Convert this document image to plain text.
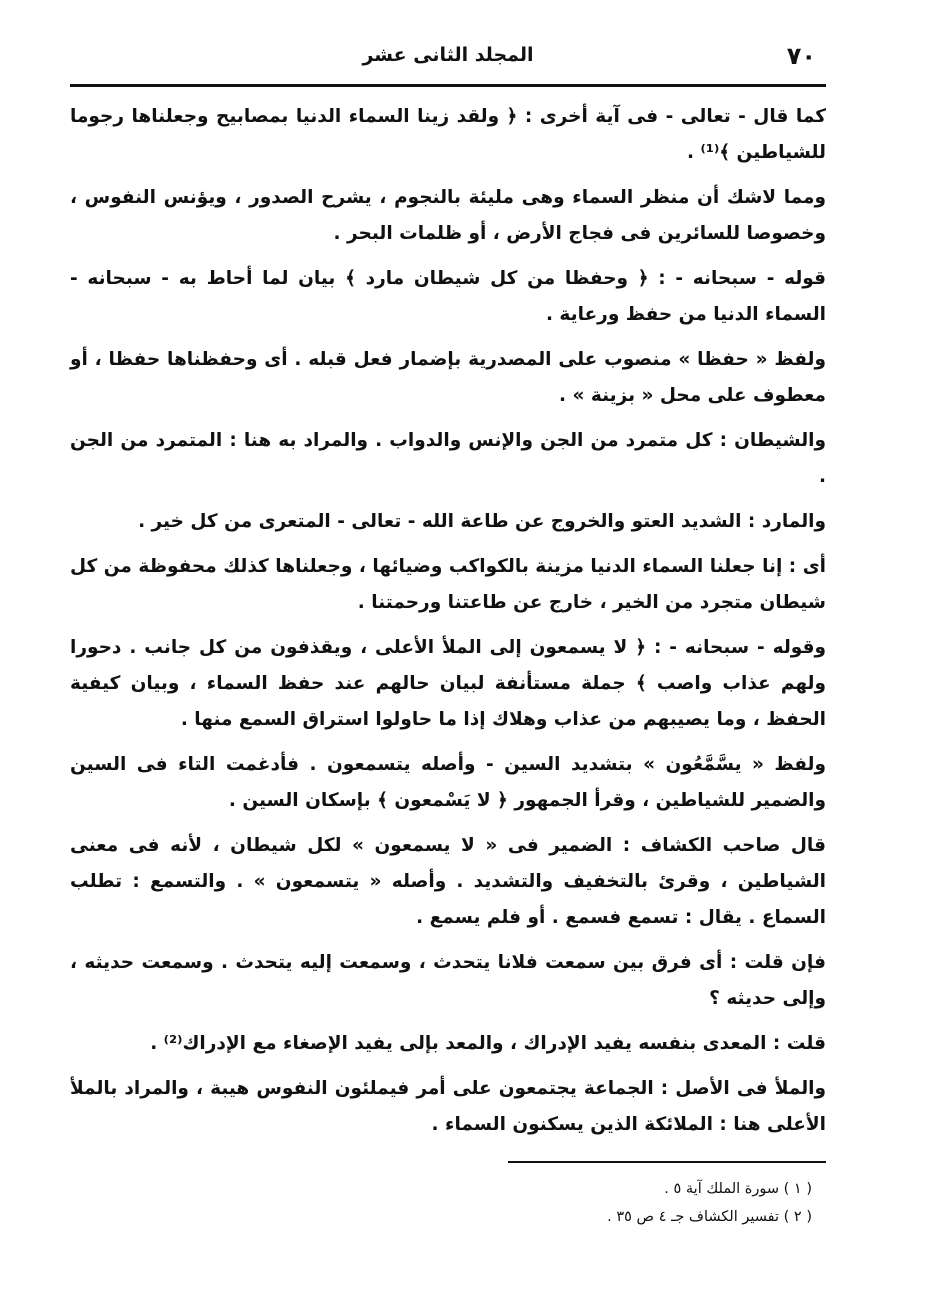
٧٠
المجلد الثانى عشر

كما قال - تعالى - فى آية أخرى : ﴿ ولقد زينا السماء الدنيا بمصابيح وجعلناها رجوما للشياطين ﴾⁽¹⁾ .

ومما لاشك أن منظر السماء وهى مليئة بالنجوم ، يشرح الصدور ، ويؤنس النفوس ، وخصوصا للسائرين فى فجاج الأرض ، أو ظلمات البحر .

قوله - سبحانه - : ﴿ وحفظا من كل شيطان مارد ﴾ بيان لما أحاط به - سبحانه - السماء الدنيا من حفظ ورعاية .

ولفظ « حفظا » منصوب على المصدرية بإضمار فعل قبله . أى وحفظناها حفظا ، أو معطوف على محل « بزينة » .

والشيطان : كل متمرد من الجن والإنس والدواب . والمراد به هنا : المتمرد من الجن .

والمارد : الشديد العتو والخروج عن طاعة الله - تعالى - المتعرى من كل خير .

أى : إنا جعلنا السماء الدنيا مزينة بالكواكب وضيائها ، وجعلناها كذلك محفوظة من كل شيطان متجرد من الخير ، خارج عن طاعتنا ورحمتنا .

وقوله - سبحانه - : ﴿ لا يسمعون إلى الملأ الأعلى ، ويقذفون من كل جانب . دحورا ولهم عذاب واصب ﴾ جملة مستأنفة لبيان حالهم عند حفظ السماء ، وبيان كيفية الحفظ ، وما يصيبهم من عذاب وهلاك إذا ما حاولوا استراق السمع منها .

ولفظ « يسَّمَّعُون » بتشديد السين - وأصله يتسمعون . فأدغمت التاء فى السين والضمير للشياطين ، وقرأ الجمهور ﴿ لا يَسْمعون ﴾ بإسكان السين .

قال صاحب الكشاف : الضمير فى « لا يسمعون » لكل شيطان ، لأنه فى معنى الشياطين ، وقرئ بالتخفيف والتشديد . وأصله « يتسمعون » . والتسمع : تطلب السماع . يقال : تسمع فسمع . أو فلم يسمع .

فإن قلت : أى فرق بين سمعت فلانا يتحدث ، وسمعت إليه يتحدث . وسمعت حديثه ، وإلى حديثه ؟

قلت : المعدى بنفسه يفيد الإدراك ، والمعد بإلى يفيد الإصغاء مع الإدراك⁽²⁾ .

والملأ فى الأصل : الجماعة يجتمعون على أمر فيملئون النفوس هيبة ، والمراد بالملأ الأعلى هنا : الملائكة الذين يسكنون السماء .

( ١ ) سورة الملك آية ٥ .

( ٢ ) تفسير الكشاف جـ ٤ ص ٣٥ .
